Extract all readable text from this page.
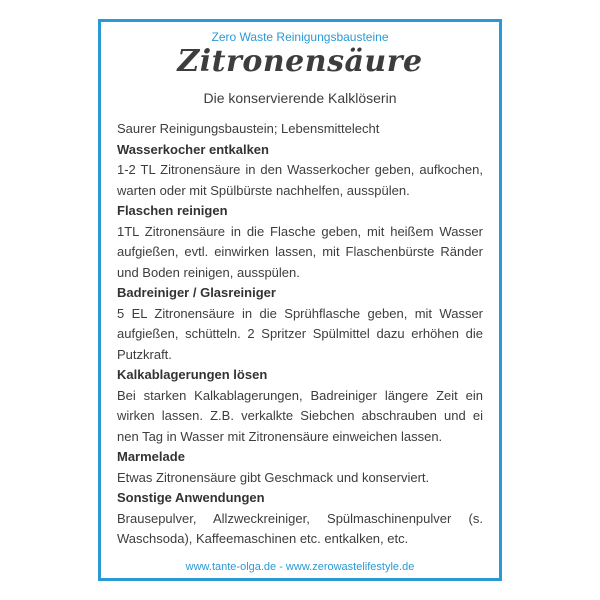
Zero Waste Reinigungsbausteine
www.tante-olga.de - www.zerowastelifestyle.de
Zitronensäure
Die konservierende Kalklöserin

Saurer Reinigungsbaustein; Lebensmittelecht

Wasserkocher entkalken

1-2 TL Zitronensäure in den Wasserkocher geben, aufkochen, warten oder mit Spülbürste nachhelfen, ausspülen.

Flaschen reinigen

1TL Zitronensäure in die Flasche geben, mit heißem Wasser aufgießen, evtl. einwirken lassen, mit Flaschenbürste Ränder und Boden reinigen, ausspülen.

Badreiniger / Glasreiniger

5 EL Zitronensäure in die Sprühflasche geben, mit Wasser aufgießen, schütteln. 2 Spritzer Spülmittel dazu erhöhen die Putzkraft.

Kalkablagerungen lösen

Bei starken Kalkablagerungen, Badreiniger längere Zeit ein wirken lassen. Z.B. verkalkte Siebchen abschrauben und ei nen Tag in Wasser mit Zitronensäure einweichen lassen.

Marmelade

Etwas Zitronensäure gibt Geschmack und konserviert.

Sonstige Anwendungen

Brausepulver, Allzweckreiniger, Spülmaschinenpulver (s. Waschsoda), Kaffeemaschinen etc. entkalken, etc.
